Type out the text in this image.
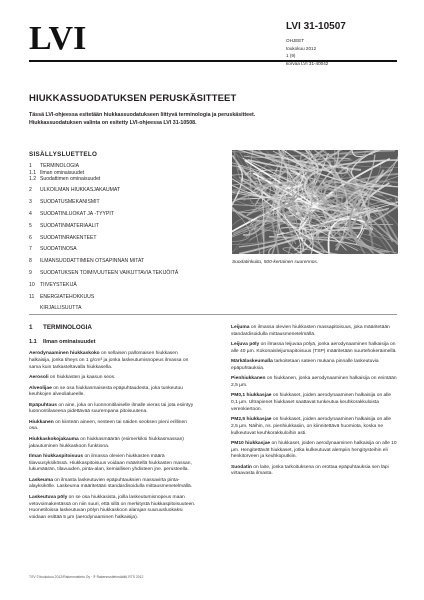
LVI	LVI 31-10507
OHJEET
toukokuu 2012
1 (9)
korvaa LVI 31-40042
HIUKKASSUODATUKSEN PERUSKÄSITTEET
Tässä LVI-ohjeessa esitetään hiukkassuodatukseen liittyvä terminologia ja peruskäsitteet.
Hiukkassuodatuksen valinta on esitetty LVI-ohjeessa LVI 31-10508.
SISÄLLYSLUETTELO
1	TERMINOLOGIA
1.1 Ilman ominaisuudet
1.2 Suodattimen ominaisuudet
2	ULKOILMAN HIUKKASJAKAUMAT
3	SUODATUSMEKANISMIT
4	SUODATINLUOKAT JA -TYYPIT
5	SUODATINMATERIAALIT
6	SUODATINRAKENTEET
7	SUODATINOSA
8	ILMANSUODATTIMIEN OTSAPINNAN MITAT
9	SUODATUKSEN TOIMIVUUTEEN VAIKUTTAVIA TEKIJÖITÄ
10	TIIVEYSTEKIJÄ
11	ENERGIATEHOKKUUS
KIRJALLISUUTTA
Suodatinkuitu, 500-kertainen suurennos.
1	TERMINOLOGIA
1.1	Ilman ominaisuudet
Aerodynaaminen hiukkaskoko on sellaisen pallomaisen hiukkasen halkaisija, jonka tiheys on 1 g/cm³ ja jonka laskeutumisnopeus ilmassa on sama kuin tarkasteltavalla hiukkasella.
Aerosoli on hiukkasten ja kaasun seos.
Alveolijae on se osa hiukkasmaisesta epäpuhtaudesta, joka tunkeutuu keuhkojen alveolialueelle.
Epäpuhtaus on aine, joka on luonnonitilaiselle ilmalle vieras tai jota esiintyy luonnontilaseena pidettävää suurempana pitoisuutena.
Hiukkanen on kiinteän aineen, nesteen tai näiden seoksen pieni erillinen osa.
Hiukkaskokojakauma on hiukkasmäärän (esimerkiksi hiukkasmassan) jakautuminen hiukkaskoon funktiona.
Ilman hiukkaspitoisuus on ilmassa olevien hiukkasten määrä tilavuusyksikössä. Hiukkaspitoisuus voidaan määritellä hiukkasten massan, lukumäärän, tilavuuden, pinta-alan, kemiallisen yhdisteen jne. perusteella.
Laskeuma on ilmasta laskeutuvien epäpuhtauksien massavirta pinta-alayksikölle. Laskeuma määritetään standardisoidulla mittausmenetelmällä.
Laskeutuva pöly on se osa hiukkasista, joilla laskeutumisnopeus maan vetovoimakentässä on niin suuri, että sillä on merkitystä hiukkaspitoisuuteen. Huonetiloissa laskeutuvan pölyn hiukkaskoon alarajan suuruusluokaksi voidaan esittää 5 µm (aerodynaaminen halkaisija).
Leijuma on ilmassa olevien hiukkasten massapitoisuus, joka määritetään standardisoidulla mittausmenetelmällä.
Leijuva pöly on ilmassa leijuvaa pölyä, jonka aerodynaaminen halkaisija on alle 40 µm. Kokonaisleijumapitoisuus (TSP) määritetään suurtehokeräimellä.
Märkälaskeumalla tarkoitetaan sateen mukana pinnalle laskeutuvia epäpuhtauksia.
Pienhiukkanen on hiukkanen, jonka aerodynaaminen halkaisija on enintään 2,5 µm.
PM0,1 hiukkasjae on hiukkaset, joiden aerodynaaminen halkaisija on alle 0,1 µm. Ultrapienet hiukkaset saattavat tunkeutua keuhkorakkuloista verenkiertoon.
PM2,5 hiukkasjae on hiukkaset, joiden aerodynaaminen halkaisija on alle 2,5 µm. Näihin, ns. pienhiukkasiin, on kiinnitettävä huomiota, koska ne kulkeutuvat keuhkorakkuloihin asti.
PM10 hiukkasjae on hiukkaset, joiden aerodynaaminen halkaisija on alle 10 µm. Hengitettävät hiukkaset, jotka kulkeutuvat alempiin hengitysteihin eli henkitorveen ja keuhkoputkiin.
Suodatin on laite, jonka tarkoituksena on erottaa epäpuhtauksia sen läpi virtaavasta ilmasta.
TSV ©/toukokuu 2012/Rakennustieto Oy · ® Rakennustietosäätiö RTS 2012
